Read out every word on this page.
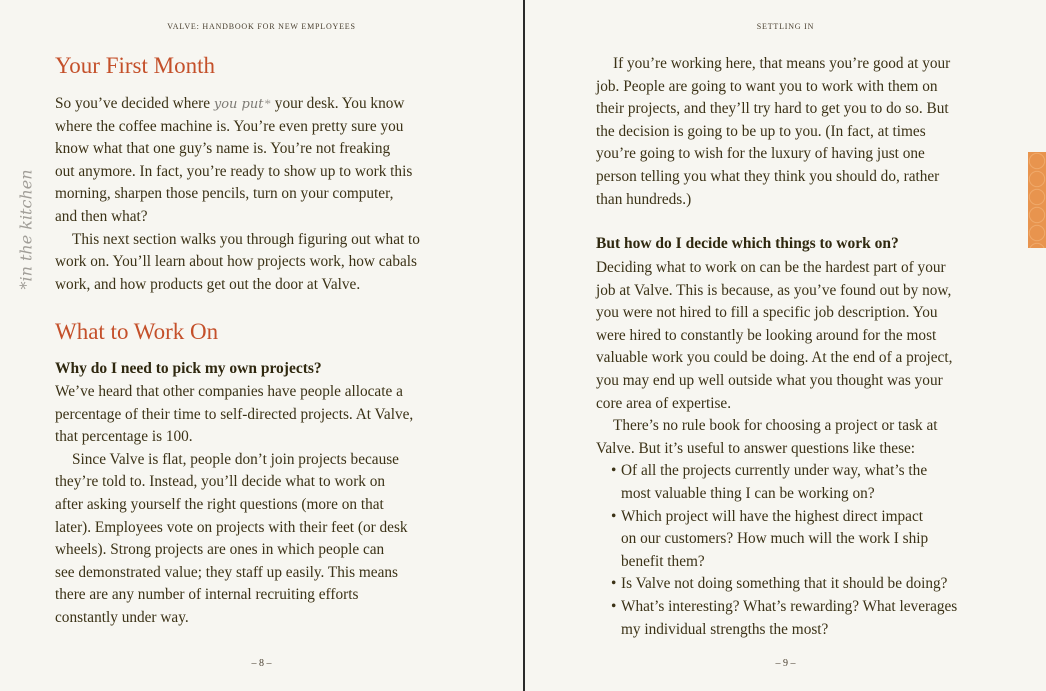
VALVE: HANDBOOK FOR NEW EMPLOYEES
Your First Month
So you’ve decided where you put* your desk. You know
where the coffee machine is. You’re even pretty sure you
know what that one guy’s name is. You’re not freaking
out anymore. In fact, you’re ready to show up to work this
morning, sharpen those pencils, turn on your computer,
and then what?
This next section walks you through figuring out what to
work on. You’ll learn about how projects work, how cabals
work, and how products get out the door at Valve.
*in the kitchen
What to Work On
Why do I need to pick my own projects?
We’ve heard that other companies have people allocate a
percentage of their time to self-directed projects. At Valve,
that percentage is 100.
Since Valve is flat, people don’t join projects because
they’re told to. Instead, you’ll decide what to work on
after asking yourself the right questions (more on that
later). Employees vote on projects with their feet (or desk
wheels). Strong projects are ones in which people can
see demonstrated value; they staff up easily. This means
there are any number of internal recruiting efforts
constantly under way.
– 8 –
SETTLING IN
If you’re working here, that means you’re good at your
job. People are going to want you to work with them on
their projects, and they’ll try hard to get you to do so. But
the decision is going to be up to you. (In fact, at times
you’re going to wish for the luxury of having just one
person telling you what they think you should do, rather
than hundreds.)
But how do I decide which things to work on?
Deciding what to work on can be the hardest part of your
job at Valve. This is because, as you’ve found out by now,
you were not hired to fill a specific job description. You
were hired to constantly be looking around for the most
valuable work you could be doing. At the end of a project,
you may end up well outside what you thought was your
core area of expertise.
There’s no rule book for choosing a project or task at
Valve. But it’s useful to answer questions like these:
• Of all the projects currently under way, what’s the
most valuable thing I can be working on?
• Which project will have the highest direct impact
on our customers? How much will the work I ship
benefit them?
• Is Valve not doing something that it should be doing?
• What’s interesting? What’s rewarding? What leverages
my individual strengths the most?
– 9 –
